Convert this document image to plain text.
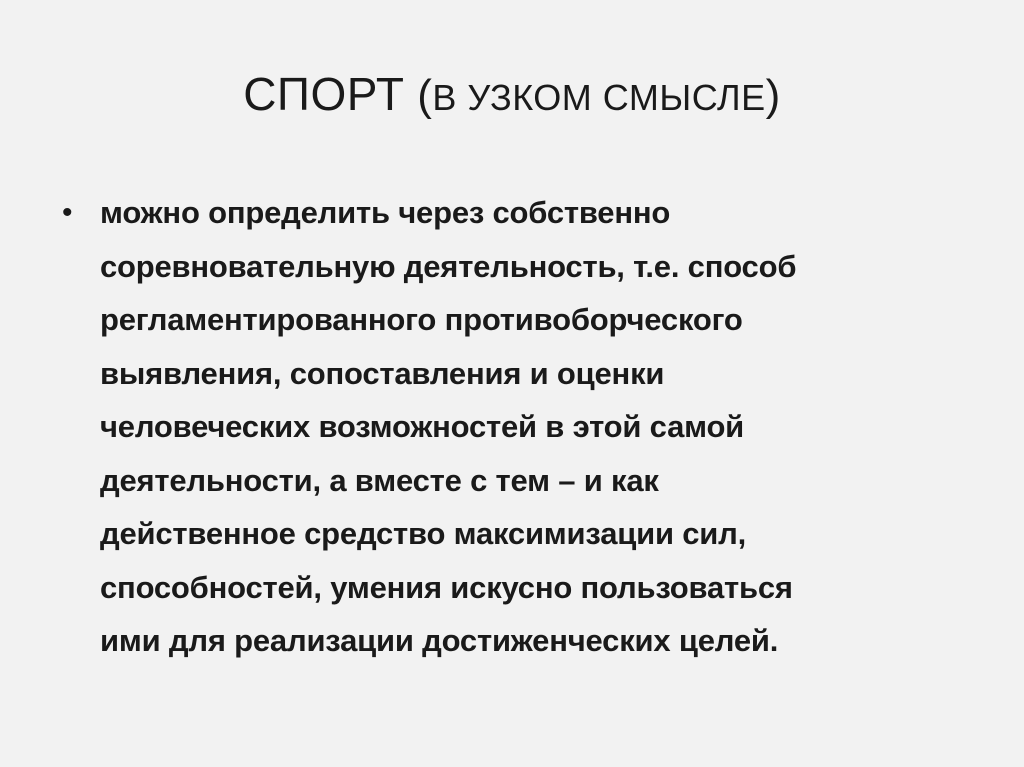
СПОРТ (В УЗКОМ СМЫСЛЕ)
• можно определить через собственно
соревновательную деятельность, т.е. способ
регламентированного противоборческого
выявления, сопоставления и оценки
человеческих возможностей в этой самой
деятельности, а вместе с тем – и как
действенное средство максимизации сил,
способностей, умения искусно пользоваться
ими для реализации достиженческих целей.
